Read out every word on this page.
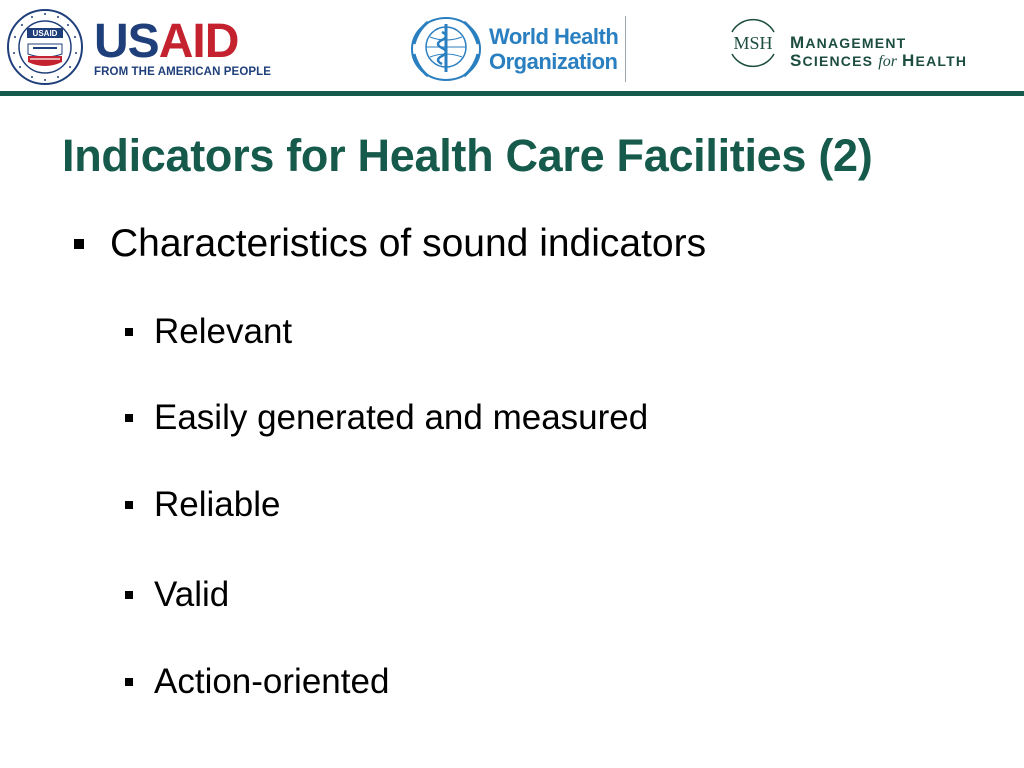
USAID USAID
FROM THE AMERICAN PEOPLE
World Health
Organization
MSH MANAGEMENT
SCIENCES for HEALTH
Indicators for Health Care Facilities (2)
Characteristics of sound indicators
Relevant
Easily generated and measured
Reliable
Valid
Action-oriented
